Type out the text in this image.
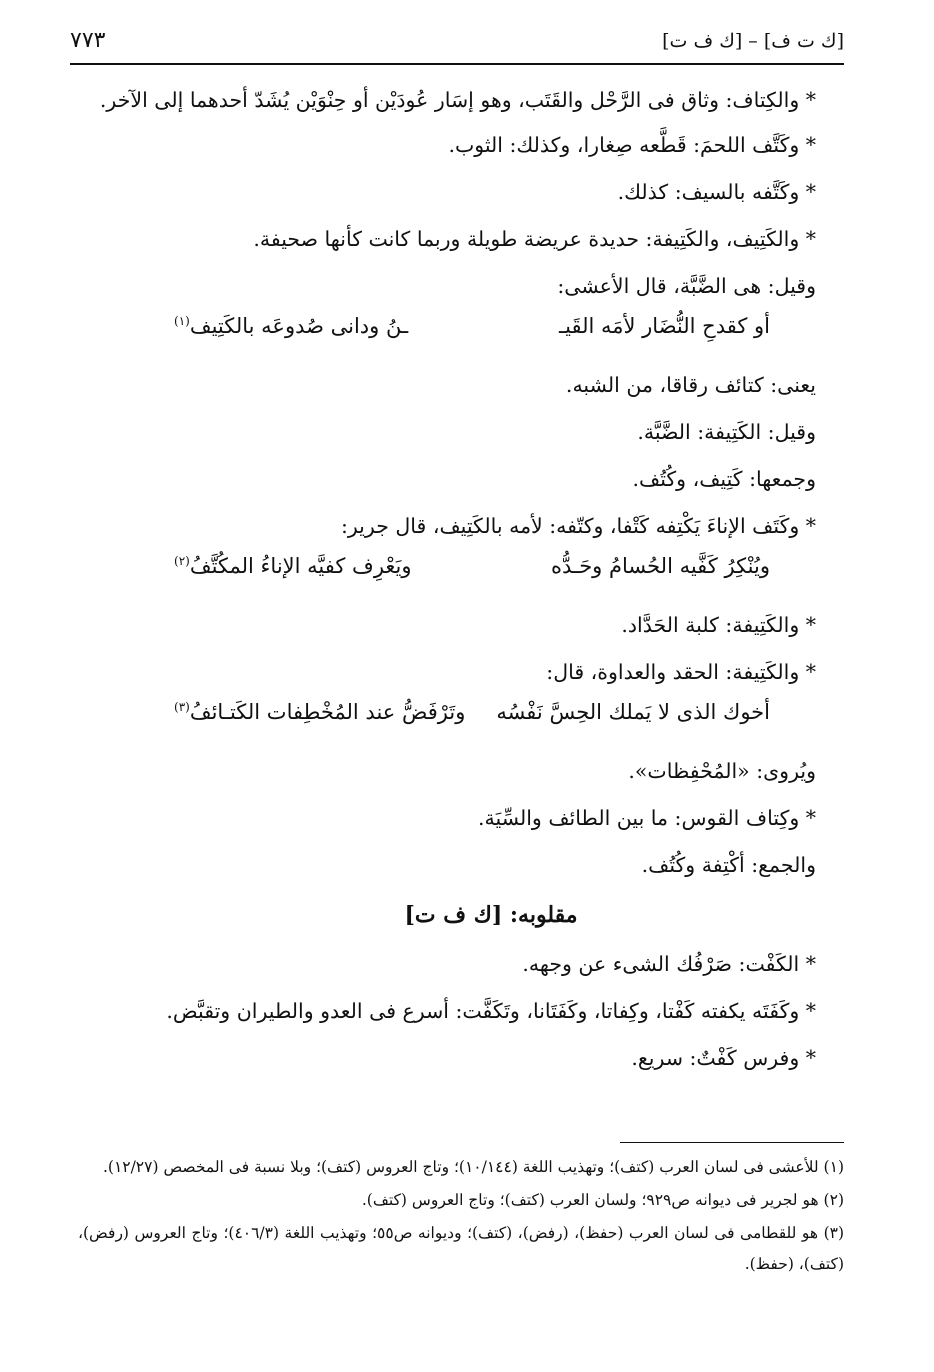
٧٧٣	[ك ت ف] – [ك ف ت]
* والكِتاف: وثاق فى الرَّحْل والقَتَب، وهو إسَار عُودَيْن أو حِنْوَيْن يُشَدّ أحدهما إلى الآخر.
* وكَتَّف اللحمَ: قَطَّعه صِغارا، وكذلك: الثوب.
* وكَتَّفه بالسيف: كذلك.
* والكَتِيف، والكَتِيفة: حديدة عريضة طويلة وربما كانت كأنها صحيفة.
وقيل: هى الضَّبَّة، قال الأعشى:
أو كقدحِ النُّضَار لأمَه القَيـ
ـنُ ودانى صُدوعَه بالكَتِيف$^{(١)}$
يعنى: كتائف رقاقا، من الشبه.
وقيل: الكَتِيفة: الضَّبَّة.
وجمعها: كَتِيف، وكُتُف.
* وكَتَف الإناءَ يَكْتِفه كَتْفا، وكتّفه: لأمه بالكَتِيف، قال جرير:
ويُنْكِرُ كَفَّيه الحُسامُ وحَـدُّه
ويَعْرِف كفيَّه الإناءُ المكُتَّفُ$^{(٢)}$
* والكَتِيفة: كلبة الحَدَّاد.
* والكَتِيفة: الحقد والعداوة، قال:
أخوك الذى لا يَملك الحِسَّ نَفْسُه
وتَرْفَضُّ عند المُخْطِفات الكَتـائفُ$^{(٣)}$
ويُروى: «المُحْفِظات».
* وكِتاف القوس: ما بين الطائف والسِّيَة.
والجمع: أكْتِفة وكُتُف.
مقلوبه: [ك ف ت]
* الكَفْت: صَرْفُك الشىء عن وجهه.
* وكَفَتَه يكفته كَفْتا، وكِفاتا، وكَفَتَانا، وتَكَفَّت: أسرع فى العدو والطيران وتقبَّض.
* وفرس كَفْتٌ: سريع.
(١) للأعشى فى لسان العرب (كتف)؛ وتهذيب اللغة (١٠/١٤٤)؛ وتاج العروس (كتف)؛ وبلا نسبة فى المخصص (١٢/٢٧).
(٢) هو لجرير فى ديوانه ص٩٢٩؛ ولسان العرب (كتف)؛ وتاج العروس (كتف).
(٣) هو للقطامى فى لسان العرب (حفظ)، (رفض)، (كتف)؛ وديوانه ص٥٥؛ وتهذيب اللغة (٤٠٦/٣)؛ وتاج العروس (رفض)، (كتف)، (حفظ).
